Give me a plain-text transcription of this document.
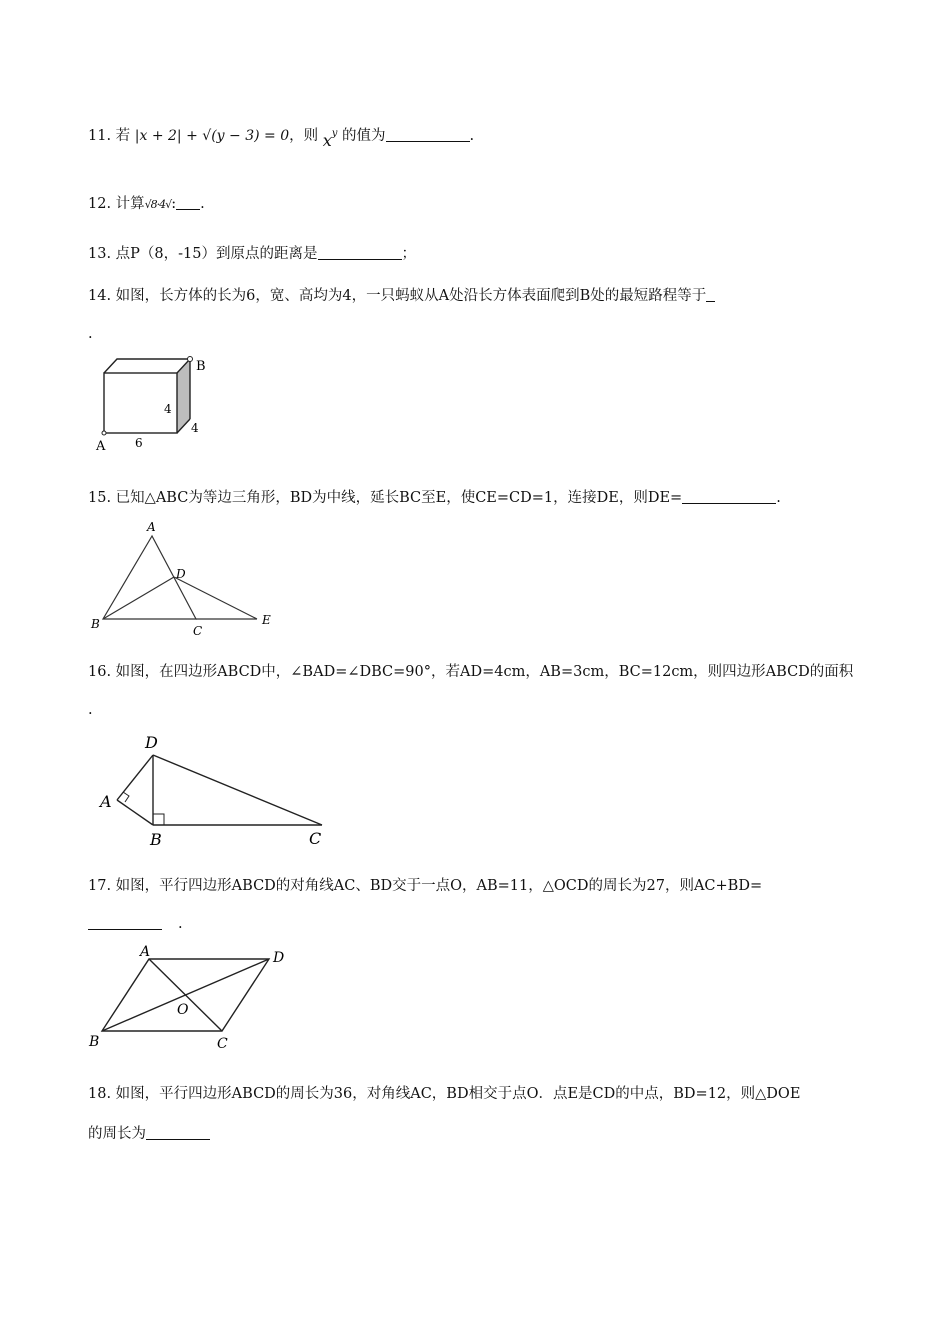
11. 若 |x + 2| + √(y − 3) = 0，则 $x^y$ 的值为	.
12. 计算√8·4√: .
13. 点P（8，-15）到原点的距离是	；
14. 如图，长方体的长为6，宽、高均为4，一只蚂蚁从A处沿长方体表面爬到B处的最短路程等于
.
B
A
4
4
6
15. 已知△ABC为等边三角形，BD为中线，延长BC至E，使CE=CD=1，连接DE，则DE=	.
A
D
B	C
E
16. 如图，在四边形ABCD中，∠BAD=∠DBC=90°，若AD=4cm，AB=3cm，BC=12cm，则四边形ABCD的面积
.
D
A
B	C
17. 如图，平行四边形ABCD的对角线AC、BD交于一点O，AB=11，△OCD的周长为27，则AC+BD=
.
A	D
B	C
O
18. 如图，平行四边形ABCD的周长为36，对角线AC，BD相交于点O．点E是CD的中点，BD=12，则△DOE
的周长为
